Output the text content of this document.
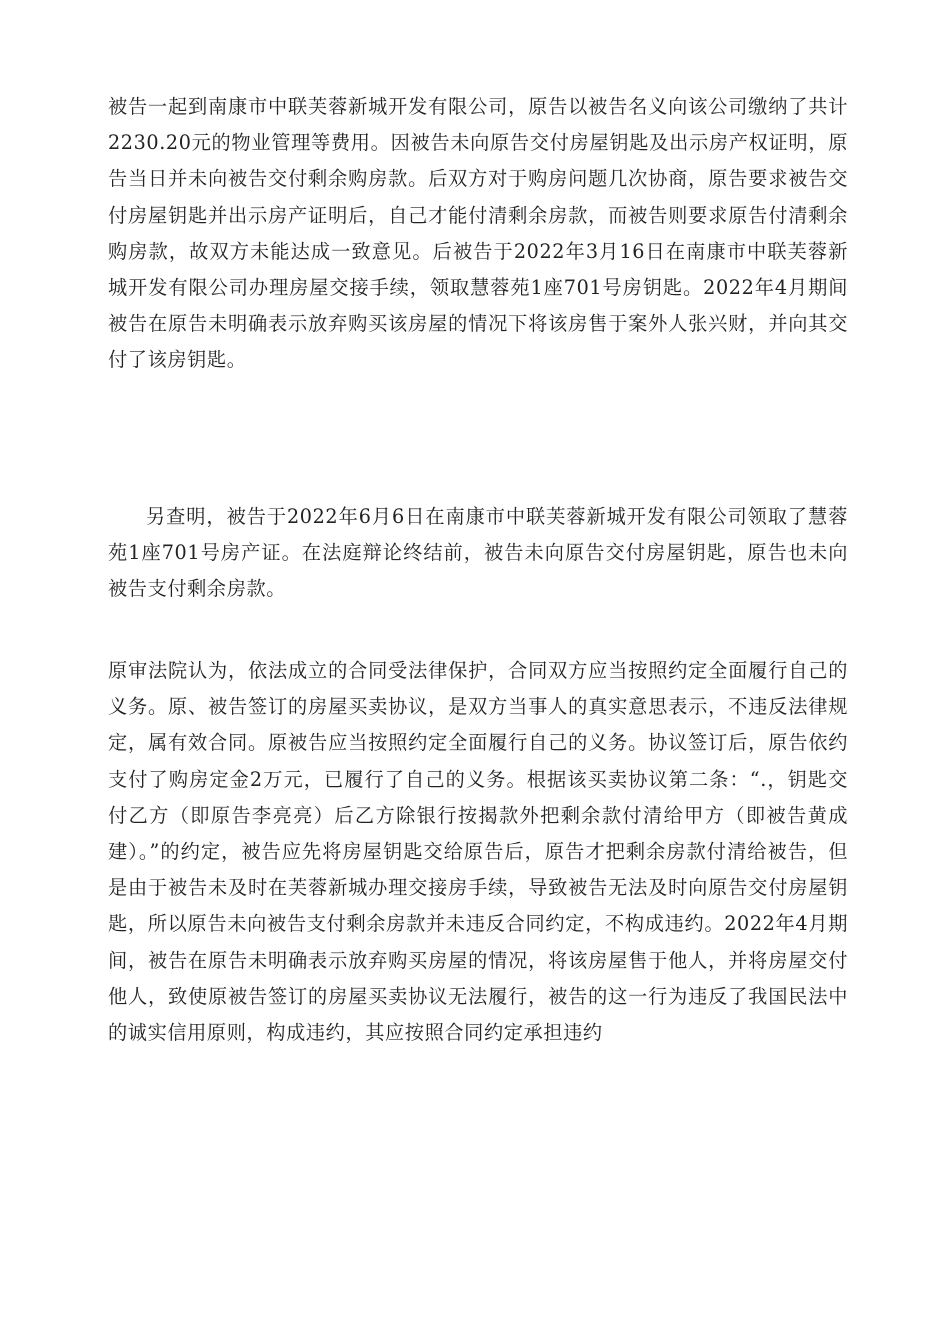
被告一起到南康市中联芙蓉新城开发有限公司，原告以被告名义向该公司缴纳了共计2230.20元的物业管理等费用。因被告未向原告交付房屋钥匙及出示房产权证明，原告当日并未向被告交付剩余购房款。后双方对于购房问题几次协商，原告要求被告交付房屋钥匙并出示房产证明后，自己才能付清剩余房款，而被告则要求原告付清剩余购房款，故双方未能达成一致意见。后被告于2022年3月16日在南康市中联芙蓉新城开发有限公司办理房屋交接手续，领取慧蓉苑1座701号房钥匙。2022年4月期间被告在原告未明确表示放弃购买该房屋的情况下将该房售于案外人张兴财，并向其交付了该房钥匙。

另查明，被告于2022年6月6日在南康市中联芙蓉新城开发有限公司领取了慧蓉苑1座701号房产证。在法庭辩论终结前，被告未向原告交付房屋钥匙，原告也未向被告支付剩余房款。

原审法院认为，依法成立的合同受法律保护，合同双方应当按照约定全面履行自己的义务。原、被告签订的房屋买卖协议，是双方当事人的真实意思表示，不违反法律规定，属有效合同。原被告应当按照约定全面履行自己的义务。协议签订后，原告依约支付了购房定金2万元，已履行了自己的义务。根据该买卖协议第二条：“.，钥匙交付乙方（即原告李亮亮）后乙方除银行按揭款外把剩余款付清给甲方（即被告黄成建）。”的约定，被告应先将房屋钥匙交给原告后，原告才把剩余房款付清给被告，但是由于被告未及时在芙蓉新城办理交接房手续，导致被告无法及时向原告交付房屋钥匙，所以原告未向被告支付剩余房款并未违反合同约定，不构成违约。2022年4月期间，被告在原告未明确表示放弃购买房屋的情况，将该房屋售于他人，并将房屋交付他人，致使原被告签订的房屋买卖协议无法履行，被告的这一行为违反了我国民法中的诚实信用原则，构成违约，其应按照合同约定承担违约
